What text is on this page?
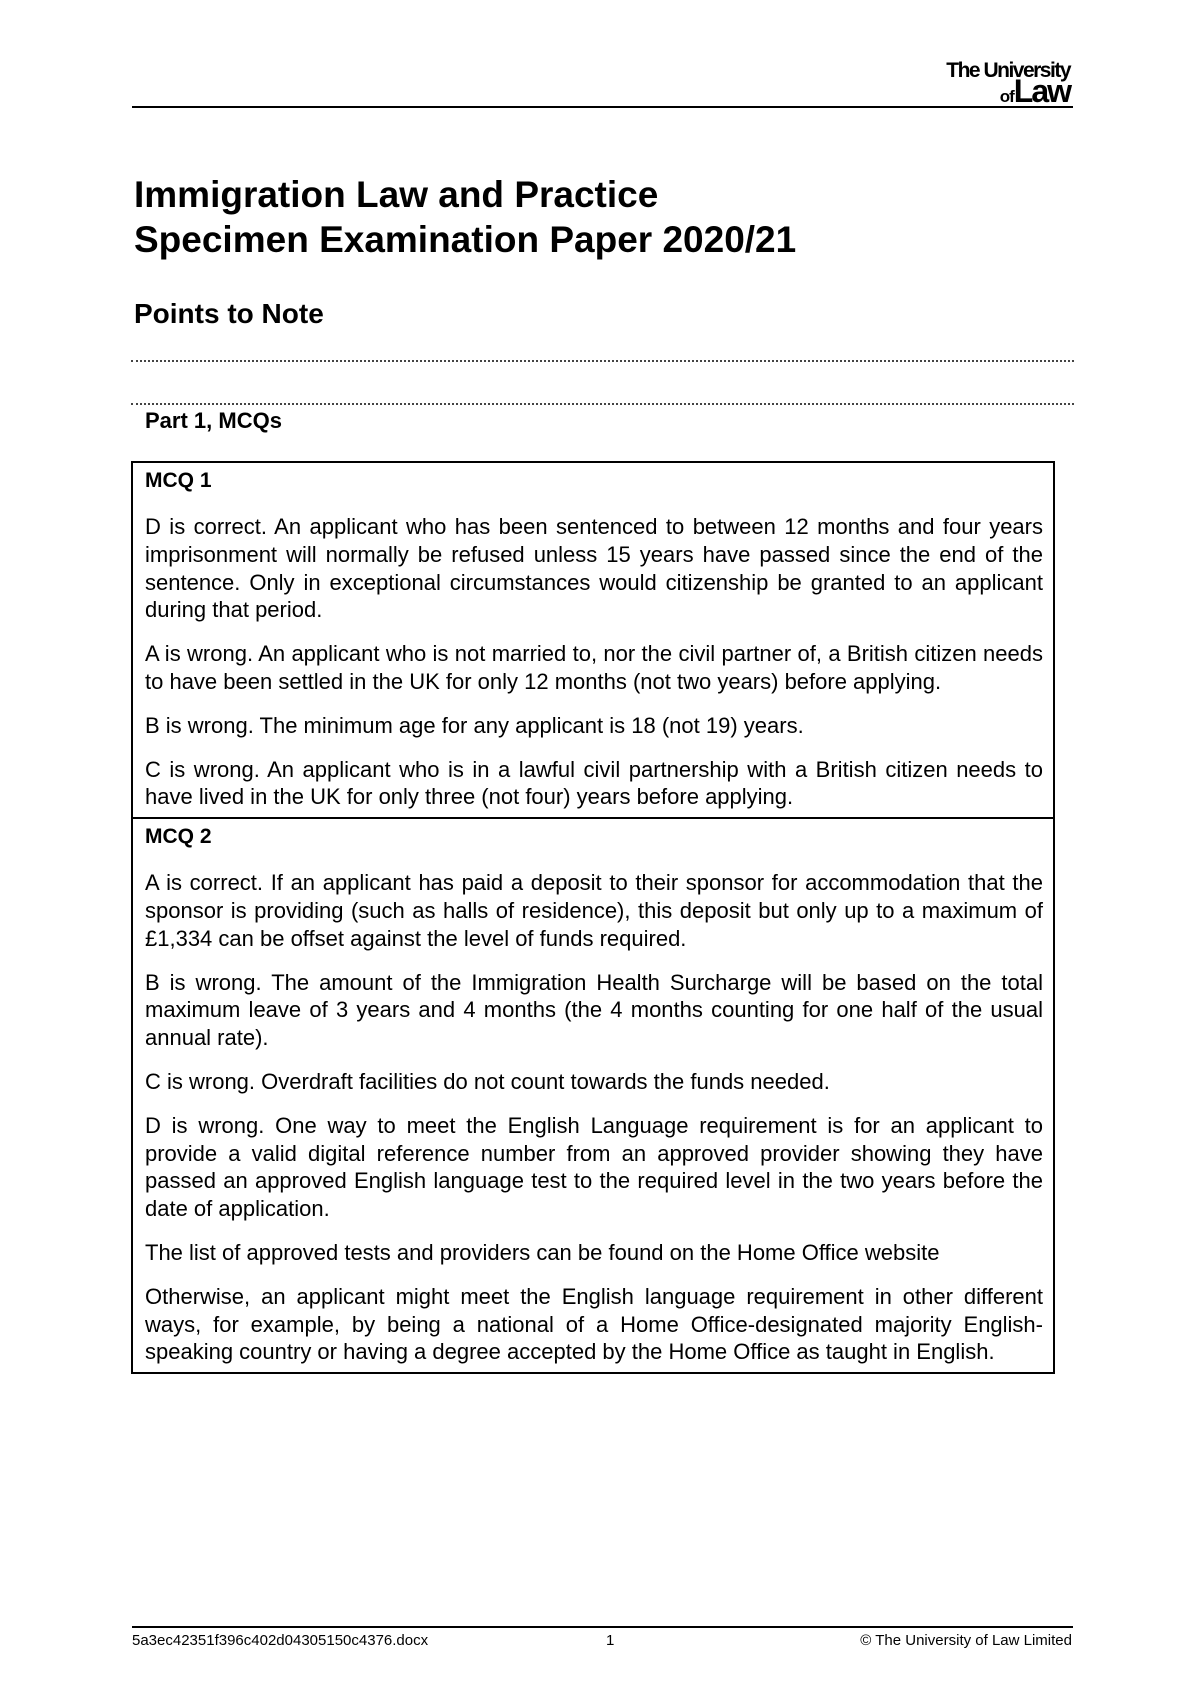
The University
ofLaw
Immigration Law and Practice
Specimen Examination Paper 2020/21
Points to Note
Part 1, MCQs
MCQ 1

D is correct. An applicant who has been sentenced to between 12 months and four years imprisonment will normally be refused unless 15 years have passed since the end of the sentence. Only in exceptional circumstances would citizenship be granted to an applicant during that period.

A is wrong. An applicant who is not married to, nor the civil partner of, a British citizen needs to have been settled in the UK for only 12 months (not two years) before applying.

B is wrong. The minimum age for any applicant is 18 (not 19) years.

C is wrong. An applicant who is in a lawful civil partnership with a British citizen needs to have lived in the UK for only three (not four) years before applying.

MCQ 2

A is correct. If an applicant has paid a deposit to their sponsor for accommodation that the sponsor is providing (such as halls of residence), this deposit but only up to a maximum of £1,334 can be offset against the level of funds required.

B is wrong. The amount of the Immigration Health Surcharge will be based on the total maximum leave of 3 years and 4 months (the 4 months counting for one half of the usual annual rate).

C is wrong. Overdraft facilities do not count towards the funds needed.

D is wrong. One way to meet the English Language requirement is for an applicant to provide a valid digital reference number from an approved provider showing they have passed an approved English language test to the required level in the two years before the date of application.

The list of approved tests and providers can be found on the Home Office website

Otherwise, an applicant might meet the English language requirement in other different ways, for example, by being a national of a Home Office-designated majority English-speaking country or having a degree accepted by the Home Office as taught in English.

5a3ec42351f396c402d04305150c4376.docx	1	© The University of Law Limited
